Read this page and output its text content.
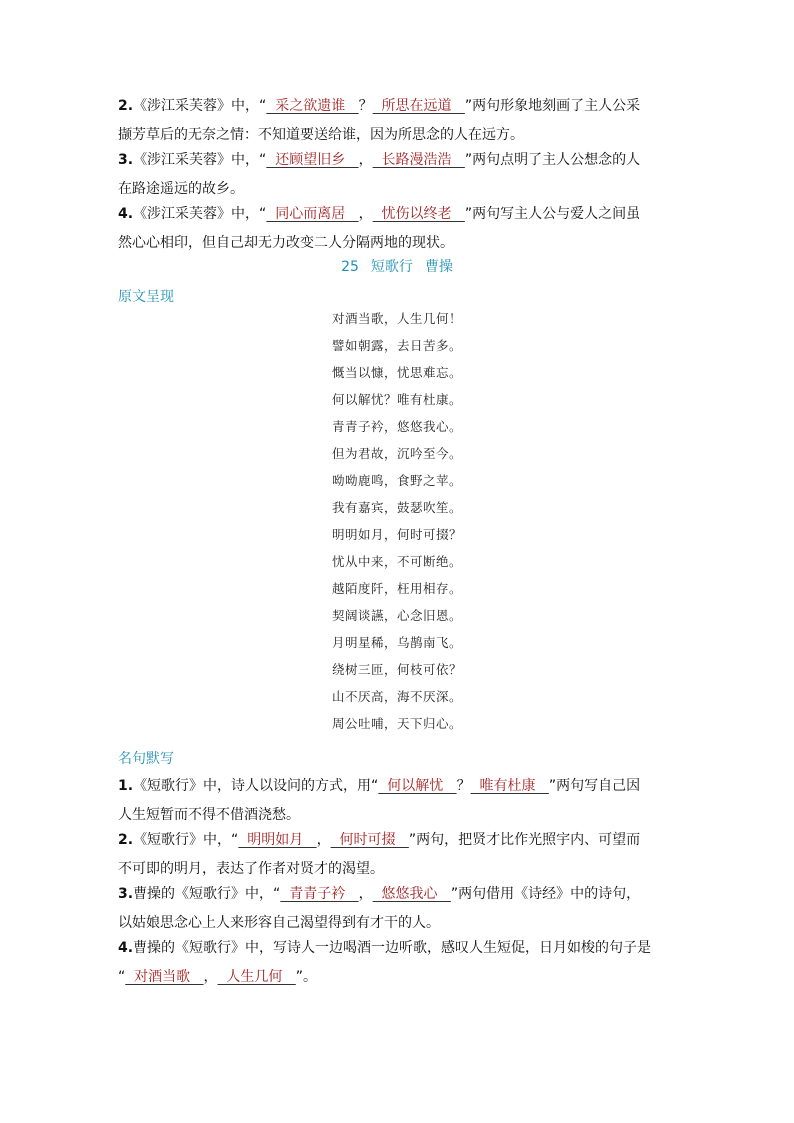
2.《涉江采芙蓉》中，“  采之欲遗谁   ？  所思在远道   ”两句形象地刻画了主人公采
撷芳草后的无奈之情：不知道要送给谁，因为所思念的人在远方。
3.《涉江采芙蓉》中，“  还顾望旧乡   ，  长路漫浩浩   ”两句点明了主人公想念的人
在路途遥远的故乡。
4.《涉江采芙蓉》中，“  同心而离居   ，  忧伤以终老   ”两句写主人公与爱人之间虽
然心心相印，但自己却无力改变二人分隔两地的现状。
25 短歌行 曹操
原文呈现
对酒当歌，人生几何！
譬如朝露，去日苦多。
慨当以慷，忧思难忘。
何以解忧？唯有杜康。
青青子衿，悠悠我心。
但为君故，沉吟至今。
呦呦鹿鸣，食野之苹。
我有嘉宾，鼓瑟吹笙。
明明如月，何时可掇？
忧从中来，不可断绝。
越陌度阡，枉用相存。
契阔谈讌，心念旧恩。
月明星稀，乌鹊南飞。
绕树三匝，何枝可依？
山不厌高，海不厌深。
周公吐哺，天下归心。
名句默写
1.《短歌行》中，诗人以设问的方式，用“  何以解忧   ？  唯有杜康   ”两句写自己因
人生短暂而不得不借酒浇愁。
2.《短歌行》中，“  明明如月   ，  何时可掇   ”两句，把贤才比作光照宇内、可望而
不可即的明月，表达了作者对贤才的渴望。
3.曹操的《短歌行》中，“  青青子衿   ，  悠悠我心   ”两句借用《诗经》中的诗句，
以姑娘思念心上人来形容自己渴望得到有才干的人。
4.曹操的《短歌行》中，写诗人一边喝酒一边听歌，感叹人生短促，日月如梭的句子是
“  对酒当歌   ，  人生几何   ”。
